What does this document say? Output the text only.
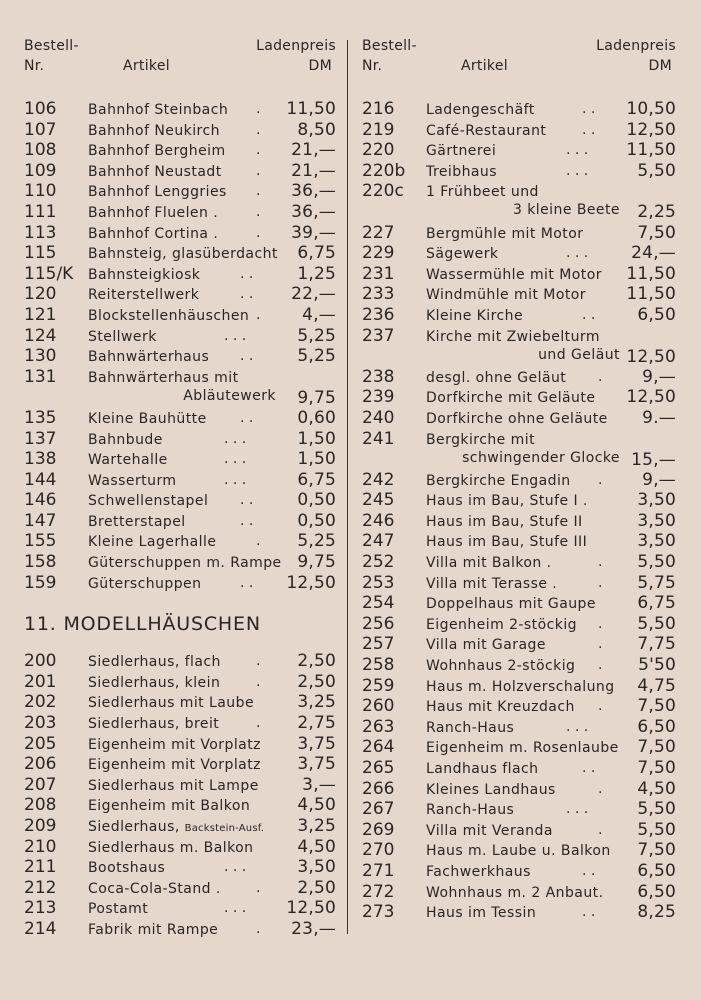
Bestell-
Nr.	Artikel
Ladenpreis
DM
106 Bahnhof Steinbach . 11,50
107 Bahnhof Neukirch	. 8,50
108 Bahnhof Bergheim . 21,—
109 Bahnhof Neustadt . 21,—
110 Bahnhof Lenggries . 36,—
111 Bahnhof Fluelen .	. 36,—
113 Bahnhof Cortina .	. 39,—
115 Bahnsteig, glasüberdacht 6,75
115/K Bahnsteigkiosk	. .	1,25
120 Reiterstellwerk	. . 22,—
121 Blockstellenhäuschen . 4,—
124 Stellwerk	. . .	5,25
130 Bahnwärterhaus . .	5,25
131 Bahnwärterhaus mit
Abläutewerk 9,75
135 Kleine Bauhütte . .	0,60
137 Bahnbude	. . .	1,50
138 Wartehalle	. . .	1,50
144 Wasserturm	. . .	6,75
146 Schwellenstapel . .	0,50
147 Bretterstapel	. .	0,50
155 Kleine Lagerhalle	. 5,25
158 Güterschuppen m. Rampe 9,75
159 Güterschuppen	. . 12,50
11. MODELLHÄUSCHEN
200 Siedlerhaus, flach	. 2,50
201 Siedlerhaus, klein	. 2,50
202 Siedlerhaus mit Laube	3,25
203 Siedlerhaus, breit	. 2,75
205 Eigenheim mit Vorplatz 3,75
206 Eigenheim mit Vorplatz 3,75
207 Siedlerhaus mit Lampe	3,—
208 Eigenheim mit Balkon	4,50
209 Siedlerhaus, Backstein-Ausf. 3,25
210 Siedlerhaus m. Balkon	4,50
211 Bootshaus	. . .	3,50
212 Coca-Cola-Stand .	. 2,50
213 Postamt	. . . 12,50
214 Fabrik mit Rampe	. 23,—
Bestell-
Nr.	Artikel
Ladenpreis
DM
216 Ladengeschäft	. . 10,50
219 Café-Restaurant	. . 12,50
220 Gärtnerei	. . . 11,50
220b Treibhaus	. . .	5,50
220c 1 Frühbeet und
3 kleine Beete 2,25
227 Bergmühle mit Motor	7,50
229 Sägewerk	. . .	24,—
231 Wassermühle mit Motor 11,50
233 Windmühle mit Motor 11,50
236 Kleine Kirche	. . 6,50
237 Kirche mit Zwiebelturm
und Geläut 12,50
238 desgl. ohne Geläut . 9,—
239 Dorfkirche mit Geläute 12,50
240 Dorfkirche ohne Geläute 9.—
241 Bergkirche mit
schwingender Glocke 15,—
242 Bergkirche Engadin . 9,—
245 Haus im Bau, Stufe I .	3,50
246 Haus im Bau, Stufe II	3,50
247 Haus im Bau, Stufe III	3,50
252 Villa mit Balkon .	. 5,50
253 Villa mit Terasse .	. 5,75
254 Doppelhaus mit Gaupe 6,75
256 Eigenheim 2-stöckig . 5,50
257 Villa mit Garage	. 7,75
258 Wohnhaus 2-stöckig . 5'50
259 Haus m. Holzverschalung 4,75
260 Haus mit Kreuzdach . 7,50
263 Ranch-Haus	. . .	6,50
264 Eigenheim m. Rosenlaube 7,50
265 Landhaus flach	. . 7,50
266 Kleines Landhaus	. 4,50
267 Ranch-Haus	. . .	5,50
269 Villa mit Veranda	. 5,50
270 Haus m. Laube u. Balkon 7,50
271 Fachwerkhaus	. . 6,50
272 Wohnhaus m. 2 Anbaut. 6,50
273 Haus im Tessin	. . 8,25
